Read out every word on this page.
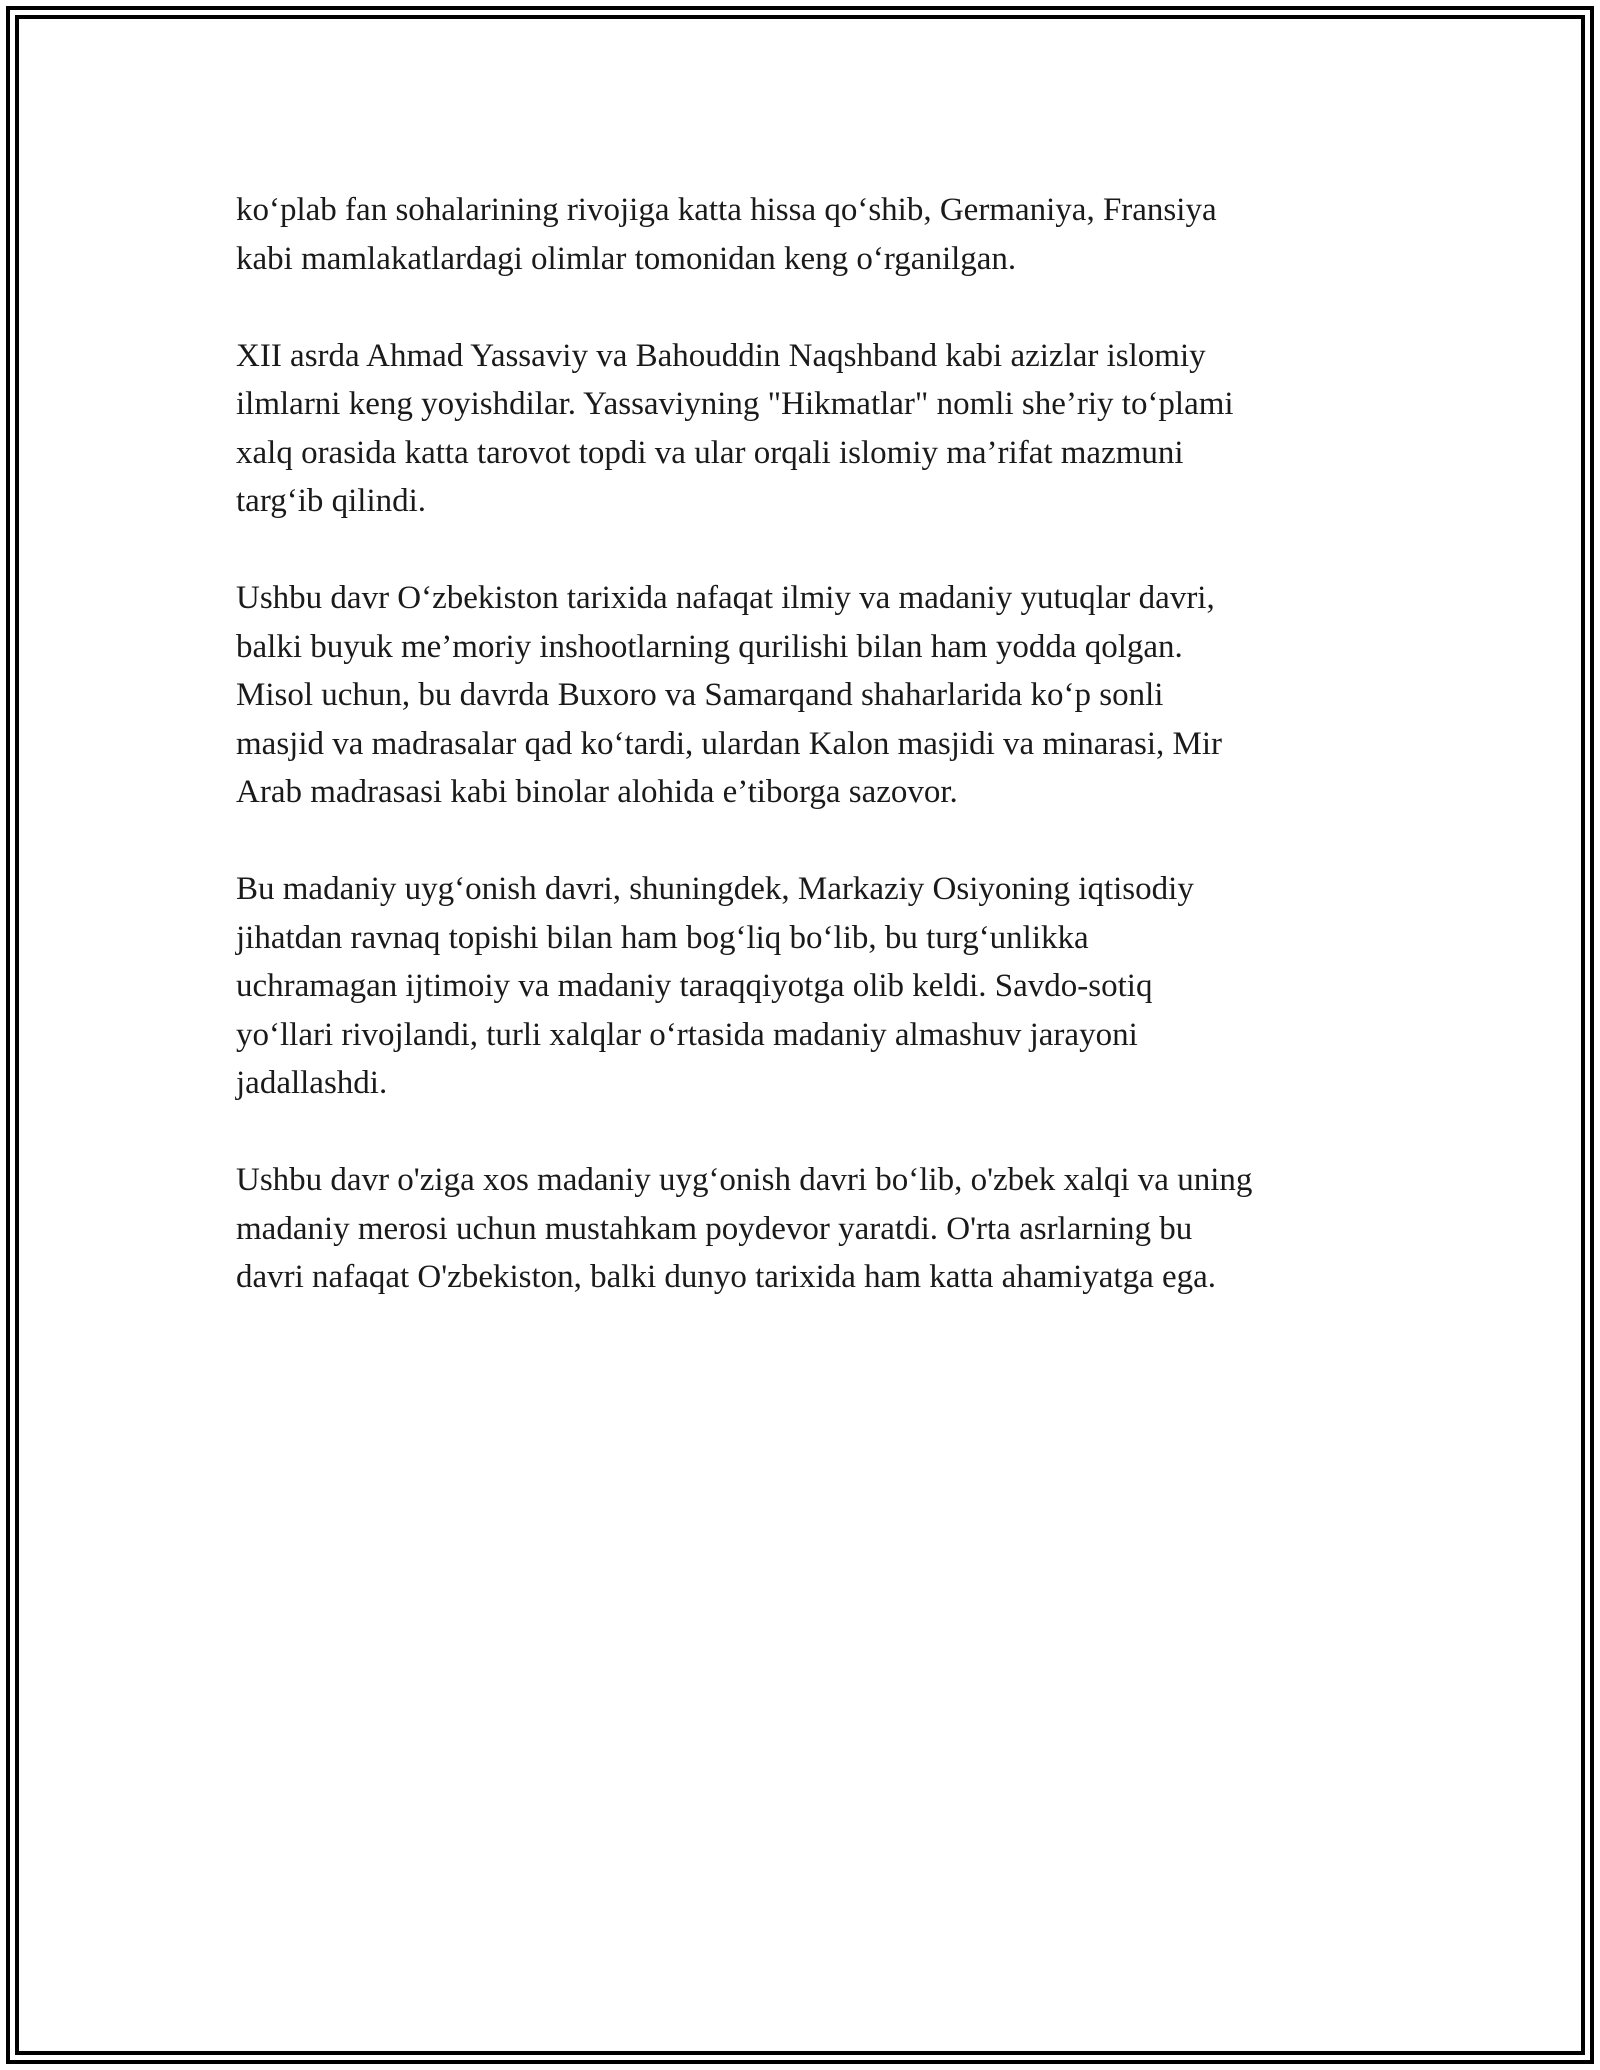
ko‘plab fan sohalarining rivojiga katta hissa qo‘shib, Germaniya, Fransiya
kabi mamlakatlardagi olimlar tomonidan keng o‘rganilgan.

XII asrda Ahmad Yassaviy va Bahouddin Naqshband kabi azizlar islomiy
ilmlarni keng yoyishdilar. Yassaviyning "Hikmatlar" nomli she’riy to‘plami
xalq orasida katta tarovot topdi va ular orqali islomiy ma’rifat mazmuni
targ‘ib qilindi.

Ushbu davr O‘zbekiston tarixida nafaqat ilmiy va madaniy yutuqlar davri,
balki buyuk me’moriy inshootlarning qurilishi bilan ham yodda qolgan.
Misol uchun, bu davrda Buxoro va Samarqand shaharlarida ko‘p sonli
masjid va madrasalar qad ko‘tardi, ulardan Kalon masjidi va minarasi, Mir
Arab madrasasi kabi binolar alohida e’tiborga sazovor.

Bu madaniy uyg‘onish davri, shuningdek, Markaziy Osiyoning iqtisodiy
jihatdan ravnaq topishi bilan ham bog‘liq bo‘lib, bu turg‘unlikka
uchramagan ijtimoiy va madaniy taraqqiyotga olib keldi. Savdo-sotiq
yo‘llari rivojlandi, turli xalqlar o‘rtasida madaniy almashuv jarayoni
jadallashdi.

Ushbu davr o'ziga xos madaniy uyg‘onish davri bo‘lib, o'zbek xalqi va uning
madaniy merosi uchun mustahkam poydevor yaratdi. O'rta asrlarning bu
davri nafaqat O'zbekiston, balki dunyo tarixida ham katta ahamiyatga ega.
